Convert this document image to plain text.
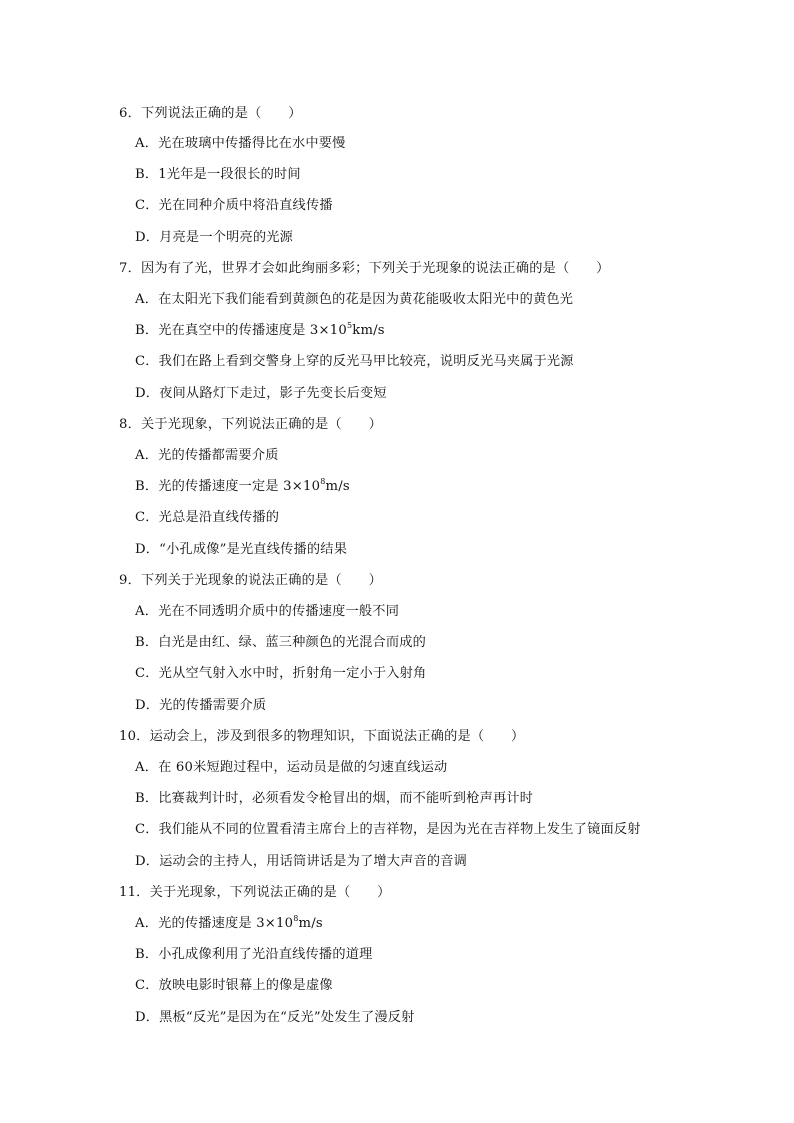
6．下列说法正确的是（　　）
A．光在玻璃中传播得比在水中要慢
B．1光年是一段很长的时间
C．光在同种介质中将沿直线传播
D．月亮是一个明亮的光源
7．因为有了光，世界才会如此绚丽多彩；下列关于光现象的说法正确的是（　　）
A．在太阳光下我们能看到黄颜色的花是因为黄花能吸收太阳光中的黄色光
B．光在真空中的传播速度是 $3\times 10^5km/s$
C．我们在路上看到交警身上穿的反光马甲比较亮，说明反光马夹属于光源
D．夜间从路灯下走过，影子先变长后变短
8．关于光现象，下列说法正确的是（　　）
A．光的传播都需要介质
B．光的传播速度一定是 $3\times 10^8m/s$
C．光总是沿直线传播的
D．“小孔成像”是光直线传播的结果
9．下列关于光现象的说法正确的是（　　）
A．光在不同透明介质中的传播速度一般不同
B．白光是由红、绿、蓝三种颜色的光混合而成的
C．光从空气射入水中时，折射角一定小于入射角
D．光的传播需要介质
10．运动会上，涉及到很多的物理知识，下面说法正确的是（　　）
A．在 60米短跑过程中，运动员是做的匀速直线运动
B．比赛裁判计时，必须看发令枪冒出的烟，而不能听到枪声再计时
C．我们能从不同的位置看清主席台上的吉祥物，是因为光在吉祥物上发生了镜面反射
D．运动会的主持人，用话筒讲话是为了增大声音的音调
11．关于光现象，下列说法正确的是（　　）
A．光的传播速度是 $3\times 10^8m/s$
B．小孔成像利用了光沿直线传播的道理
C．放映电影时银幕上的像是虚像
D．黑板“反光”是因为在“反光”处发生了漫反射
